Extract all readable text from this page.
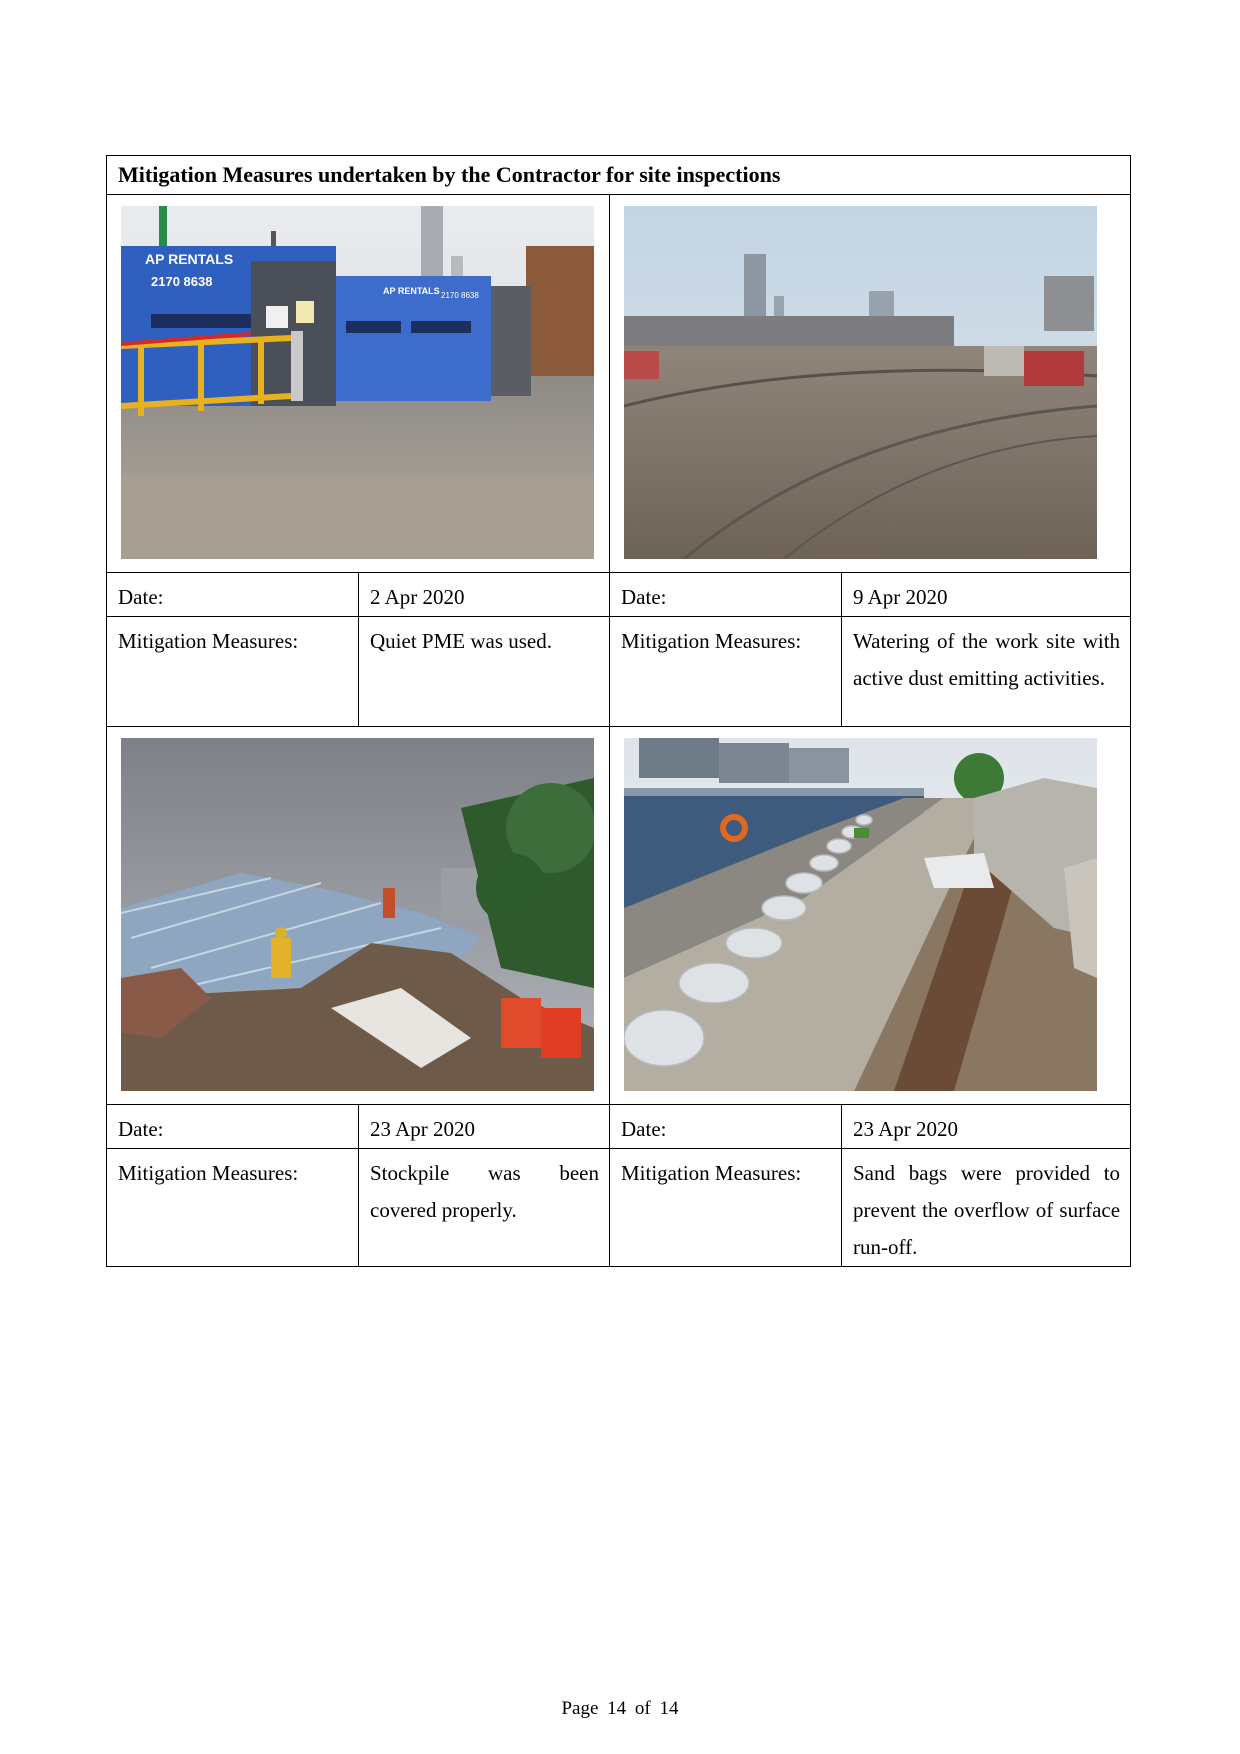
Mitigation Measures undertaken by the Contractor for site inspections			

AP RENTALS
2170 8638
AP RENTALS 2170 8638

Date:	2 Apr 2020	Date:	9 Apr 2020

Mitigation Measures:	Quiet PME was used.	Mitigation Measures:	Watering of the work site with active dust emitting activities.

Date:	23 Apr 2020	Date:	23 Apr 2020

Mitigation Measures:	Stockpile was been covered properly.	Mitigation Measures:	Sand bags were provided to prevent the overflow of surface run-off.
Page 14 of 14
